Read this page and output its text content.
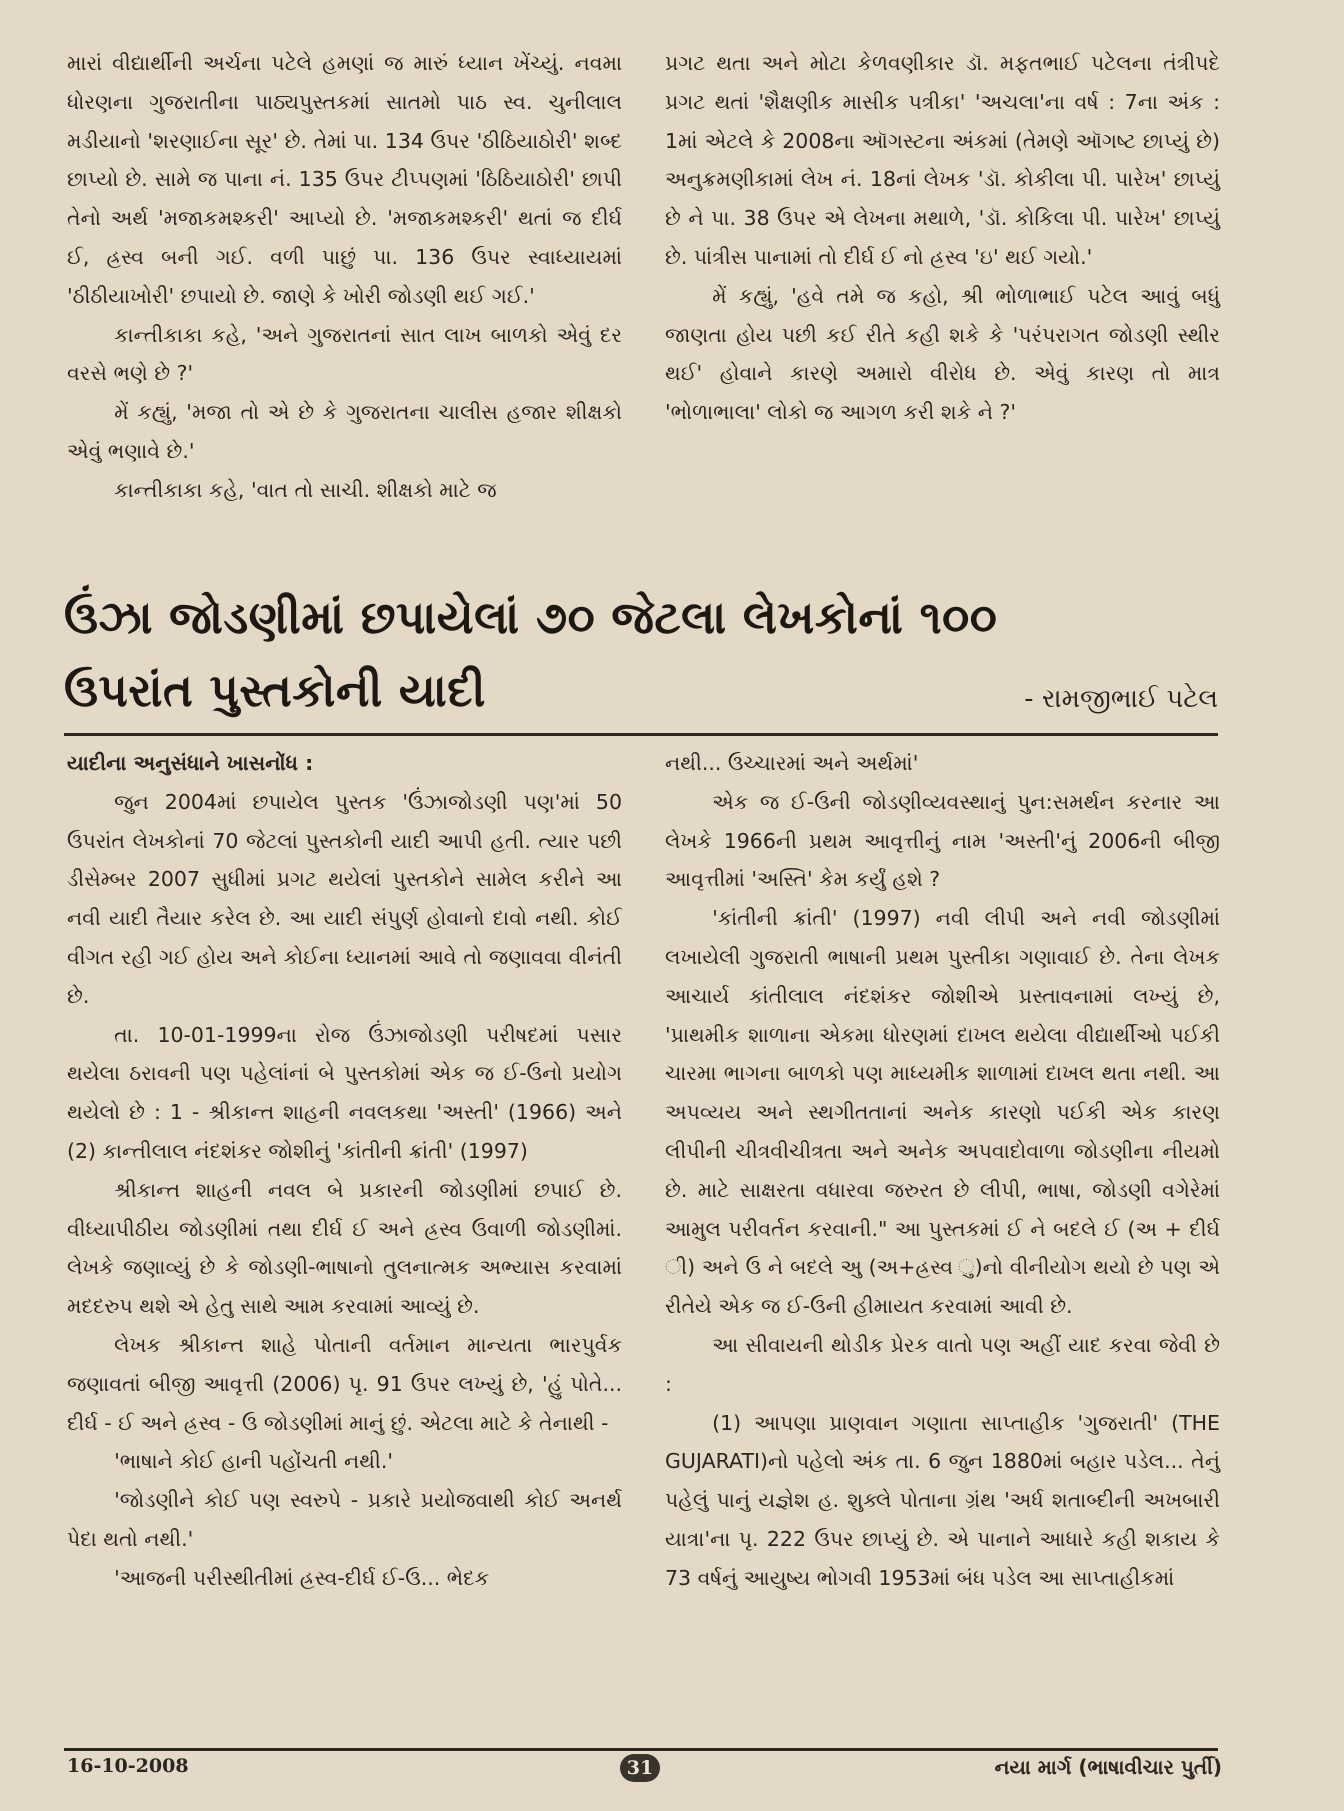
મારાં વીદ્યાર્થીની અર્ચના પટેલે હમણાં જ મારું ધ્યાન ખેંચ્યું. નવમા ધોરણના ગુજરાતીના પાઠ્યપુસ્તકમાં સાતમો પાઠ સ્વ. ચુનીલાલ મડીયાનો 'શરણાઈના સૂર' છે. તેમાં પા. 134 ઉપર 'ઠીઠિયાઠોરી' શબ્દ છાપ્યો છે. સામે જ પાના નં. 135 ઉપર ટીપ્પણમાં 'ઠિઠિયાઠોરી' છાપી તેનો અર્થ 'મજાકમશ્કરી' આપ્યો છે. 'મજાકમશ્કરી' થતાં જ દીર્ઘ ઈ, હ્રસ્વ બની ગઈ. વળી પાછું પા. 136 ઉપર સ્વાધ્યાયમાં 'ઠીઠીયાખોરી' છપાયો છે. જાણે કે ખોરી જોડણી થઈ ગઈ.'

કાન્તીકાકા કહે, 'અને ગુજરાતનાં સાત લાખ બાળકો એવું દર વરસે ભણે છે ?'

મેં કહ્યું, 'મજા તો એ છે કે ગુજરાતના ચાલીસ હજાર શીક્ષકો એવું ભણાવે છે.'

કાન્તીકાકા કહે, 'વાત તો સાચી. શીક્ષકો માટે જ

પ્રગટ થતા અને મોટા કેળવણીકાર ડૉ. મફતભાઈ પટેલના તંત્રીપદે પ્રગટ થતાં 'શૈક્ષણીક માસીક પત્રીકા' 'અચલા'ના વર્ષ : 7ના અંક : 1માં એટલે કે 2008ના ઑગસ્ટના અંકમાં (તેમણે ઑગષ્ટ છાપ્યું છે) અનુક્રમણીકામાં લેખ નં. 18નાં લેખક 'ડૉ. કોકીલા પી. પારેખ' છાપ્યું છે ને પા. 38 ઉપર એ લેખના મથાળે, 'ડૉ. કોકિલા પી. પારેખ' છાપ્યું છે. પાંત્રીસ પાનામાં તો દીર્ઘ ઈ નો હ્રસ્વ 'ઇ' થઈ ગયો.'

મેં કહ્યું, 'હવે તમે જ કહો, શ્રી ભોળાભાઈ પટેલ આવું બધું જાણતા હોય પછી કઈ રીતે કહી શકે કે 'પરંપરાગત જોડણી સ્થીર થઈ' હોવાને કારણે અમારો વીરોધ છે. એવું કારણ તો માત્ર 'ભોળાભાલા' લોકો જ આગળ કરી શકે ને ?'

ઉંઝા જોડણીમાં છપાયેલાં ૭૦ જેટલા લેખકોનાં ૧૦૦
ઉપરાંત પુસ્તકોની યાદી	- રામજીભાઈ પટેલ

યાદીના અનુસંધાને ખાસનોંધ :

જુન 2004માં છપાયેલ પુસ્તક 'ઉંઝાજોડણી પણ'માં 50 ઉપરાંત લેખકોનાં 70 જેટલાં પુસ્તકોની યાદી આપી હતી. ત્યાર પછી ડીસેમ્બર 2007 સુધીમાં પ્રગટ થયેલાં પુસ્તકોને સામેલ કરીને આ નવી યાદી તૈયાર કરેલ છે. આ યાદી સંપુર્ણ હોવાનો દાવો નથી. કોઈ વીગત રહી ગઈ હોય અને કોઈના ધ્યાનમાં આવે તો જણાવવા વીનંતી છે.

તા. 10-01-1999ના રોજ ઉંઝાજોડણી પરીષદમાં પસાર થયેલા ઠરાવની પણ પહેલાંનાં બે પુસ્તકોમાં એક જ ઈ-ઉનો પ્રયોગ થયેલો છે : 1 - શ્રીકાન્ત શાહની નવલકથા 'અસ્તી' (1966) અને (2) કાન્તીલાલ નંદશંકર જોશીનું 'કાંતીની ક્રાંતી' (1997)

શ્રીકાન્ત શાહની નવલ બે પ્રકારની જોડણીમાં છપાઈ છે. વીધ્યાપીઠીય જોડણીમાં તથા દીર્ઘ ઈ અને હ્રસ્વ ઉવાળી જોડણીમાં. લેખકે જણાવ્યું છે કે જોડણી-ભાષાનો તુલનાત્મક અભ્યાસ કરવામાં મદદરુપ થશે એ હેતુ સાથે આમ કરવામાં આવ્યું છે.

લેખક શ્રીકાન્ત શાહે પોતાની વર્તમાન માન્યતા ભારપુર્વક જણાવતાં બીજી આવૃત્તી (2006) પૃ. 91 ઉપર લખ્યું છે, 'હું પોતે... દીર્ઘ - ઈ અને હ્રસ્વ - ઉ જોડણીમાં માનું છું. એટલા માટે કે તેનાથી -

'ભાષાને કોઈ હાની પહોંચતી નથી.'

'જોડણીને કોઈ પણ સ્વરુપે - પ્રકારે પ્રયોજવાથી કોઈ અનર્થ પેદા થતો નથી.'

'આજની પરીસ્થીતીમાં હ્રસ્વ-દીર્ઘ ઈ-ઉ... ભેદક

નથી... ઉચ્ચારમાં અને અર્થમાં'

એક જ ઈ-ઉની જોડણીવ્યવસ્થાનું પુન:સમર્થન કરનાર આ લેખકે 1966ની પ્રથમ આવૃત્તીનું નામ 'અસ્તી'નું 2006ની બીજી આવૃત્તીમાં 'અસ્તિ' કેમ કર્યું હશે ?

'કાંતીની ક્રાંતી' (1997) નવી લીપી અને નવી જોડણીમાં લખાયેલી ગુજરાતી ભાષાની પ્રથમ પુસ્તીકા ગણાવાઈ છે. તેના લેખક આચાર્ય કાંતીલાલ નંદશંકર જોશીએ પ્રસ્તાવનામાં લખ્યું છે, 'પ્રાથમીક શાળાના એકમા ધોરણમાં દાખલ થયેલા વીદ્યાર્થીઓ પઈકી ચારમા ભાગના બાળકો પણ માધ્યમીક શાળામાં દાખલ થતા નથી. આ અપવ્યય અને સ્થગીતતાનાં અનેક કારણો પઈકી એક કારણ લીપીની ચીત્રવીચીત્રતા અને અનેક અપવાદોવાળા જોડણીના નીયમો છે. માટે સાક્ષરતા વધારવા જરુરત છે લીપી, ભાષા, જોડણી વગેરેમાં આમુલ પરીવર્તન કરવાની." આ પુસ્તકમાં ઈ ને બદલે ઈ (અ + દીર્ઘ ી) અને ઉ ને બદલે અુ (અ+હ્રસ્વ ુ)નો વીનીયોગ થયો છે પણ એ રીતેયે એક જ ઈ-ઉની હીમાયત કરવામાં આવી છે.

આ સીવાયની થોડીક પ્રેરક વાતો પણ અહીં યાદ કરવા જેવી છે :

(1) આપણા પ્રાણવાન ગણાતા સાપ્તાહીક 'ગુજરાતી' (THE GUJARATI)નો પહેલો અંક તા. 6 જુન 1880માં બહાર પડેલ... તેનું પહેલું પાનું યજ્ઞેશ હ. શુક્લે પોતાના ગ્રંથ 'અર્ધ શતાબ્દીની અખબારી યાત્રા'ના પૃ. 222 ઉપર છાપ્યું છે. એ પાનાને આધારે કહી શકાય કે 73 વર્ષનું આયુષ્ય ભોગવી 1953માં બંધ પડેલ આ સાપ્તાહીકમાં

16-10-2008	31	નયા માર્ગ (ભાષાવીચાર પુર્તી)
